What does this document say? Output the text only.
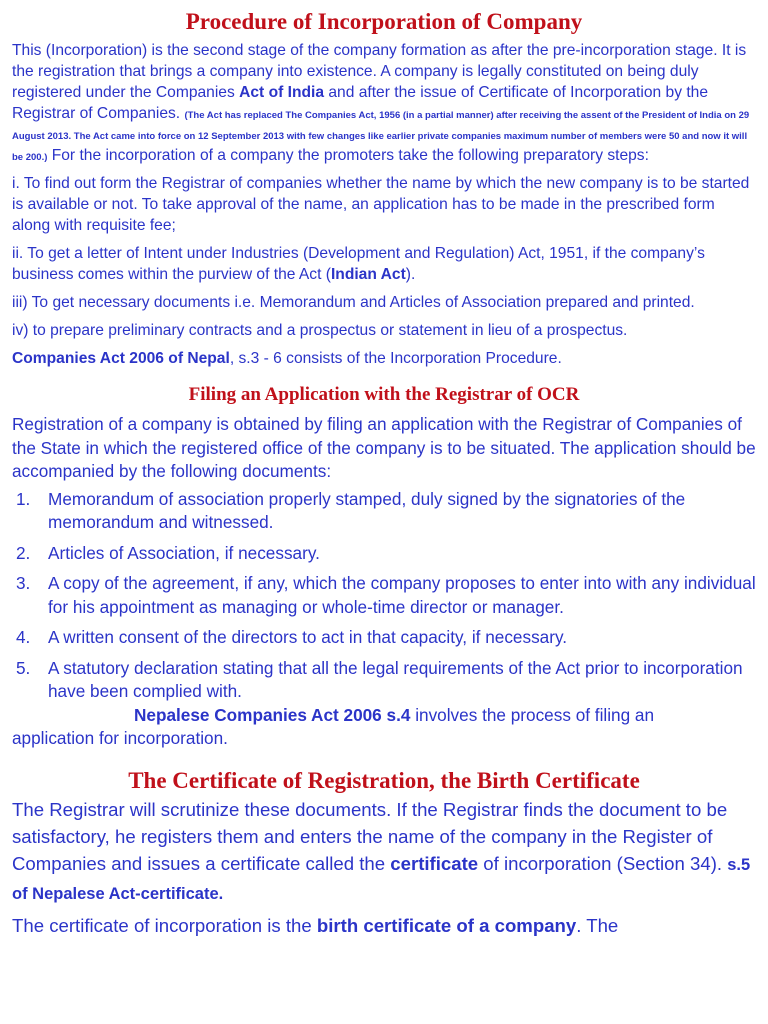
Procedure of Incorporation of Company

This (Incorporation) is the second stage of the company formation as after the pre-incorporation stage. It is the registration that brings a company into existence. A company is legally constituted on being duly registered under the Companies Act of India and after the issue of Certificate of Incorporation by the Registrar of Companies. (The Act has replaced The Companies Act, 1956 (in a partial manner) after receiving the assent of the President of India on 29 August 2013. The Act came into force on 12 September 2013 with few changes like earlier private companies maximum number of members were 50 and now it will be 200.) For the incorporation of a company the promoters take the following preparatory steps:

i. To find out form the Registrar of companies whether the name by which the new company is to be started is available or not. To take approval of the name, an application has to be made in the prescribed form along with requisite fee;

ii. To get a letter of Intent under Industries (Development and Regulation) Act, 1951, if the company’s business comes within the purview of the Act (Indian Act).

iii) To get necessary documents i.e. Memorandum and Articles of Association prepared and printed.

iv) to prepare preliminary contracts and a prospectus or statement in lieu of a prospectus.

Companies Act 2006 of Nepal, s.3 - 6 consists of the Incorporation Procedure.

Filing an Application with the Registrar of OCR

Registration of a company is obtained by filing an application with the Registrar of Companies of the State in which the registered office of the company is to be situated. The application should be accompanied by the following documents:

1.	Memorandum of association properly stamped, duly signed by the signatories of the memorandum and witnessed.
2.	Articles of Association, if necessary.
3.	A copy of the agreement, if any, which the company proposes to enter into with any individual for his appointment as managing or whole-time director or manager.
4.	A written consent of the directors to act in that capacity, if necessary.
5.	A statutory declaration stating that all the legal requirements of the Act prior to incorporation have been complied with.

Nepalese Companies Act 2006 s.4 involves the process of filing an

application for incorporation.

The Certificate of Registration, the Birth Certificate

The Registrar will scrutinize these documents. If the Registrar finds the document to be satisfactory, he registers them and enters the name of the company in the Register of Companies and issues a certificate called the certificate of incorporation (Section 34). s.5 of Nepalese Act-certificate.

The certificate of incorporation is the birth certificate of a company. The
